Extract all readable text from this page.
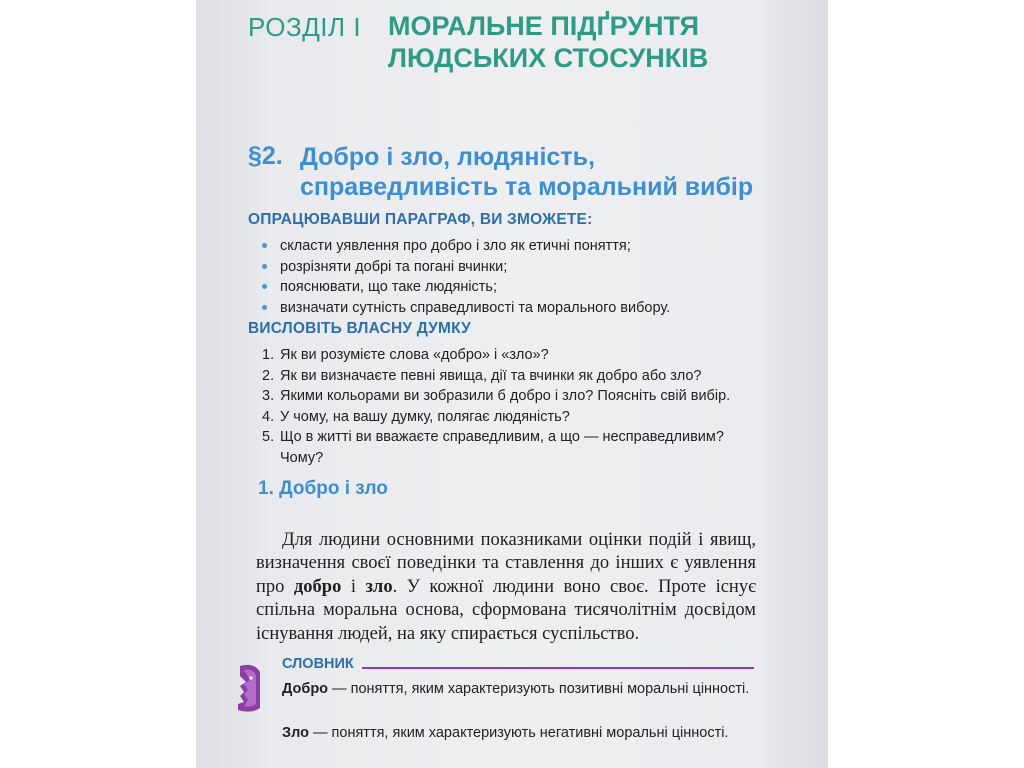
РОЗДІЛ І МОРАЛЬНЕ ПІДҐРУНТЯ
ЛЮДСЬКИХ СТОСУНКІВ
§2. Добро і зло, людяність,
справедливість та моральний вибір
ОПРАЦЮВАВШИ ПАРАГРАФ, ВИ ЗМОЖЕТЕ:
скласти уявлення про добро і зло як етичні поняття;
розрізняти добрі та погані вчинки;
пояснювати, що таке людяність;
визначати сутність справедливості та морального вибору.
ВИСЛОВІТЬ ВЛАСНУ ДУМКУ
1. Як ви розумієте слова «добро» і «зло»?
2. Як ви визначаєте певні явища, дії та вчинки як добро або зло?
3. Якими кольорами ви зобразили б добро і зло? Поясніть свій вибір.
4. У чому, на вашу думку, полягає людяність?
5. Що в житті ви вважаєте справедливим, а що — несправедливим? Чому?
1. Добро і зло

Для людини основними показниками оцінки подій і явищ, визначення своєї поведінки та ставлення до інших є уявлення про добро і зло. У кожної людини воно своє. Проте існує спільна моральна основа, сформована тисячолітнім досвідом існування людей, на яку спирається суспільство.

СЛОВНИК
Добро — поняття, яким характеризують позитивні моральні цінності.
Зло — поняття, яким характеризують негативні моральні цінності.
